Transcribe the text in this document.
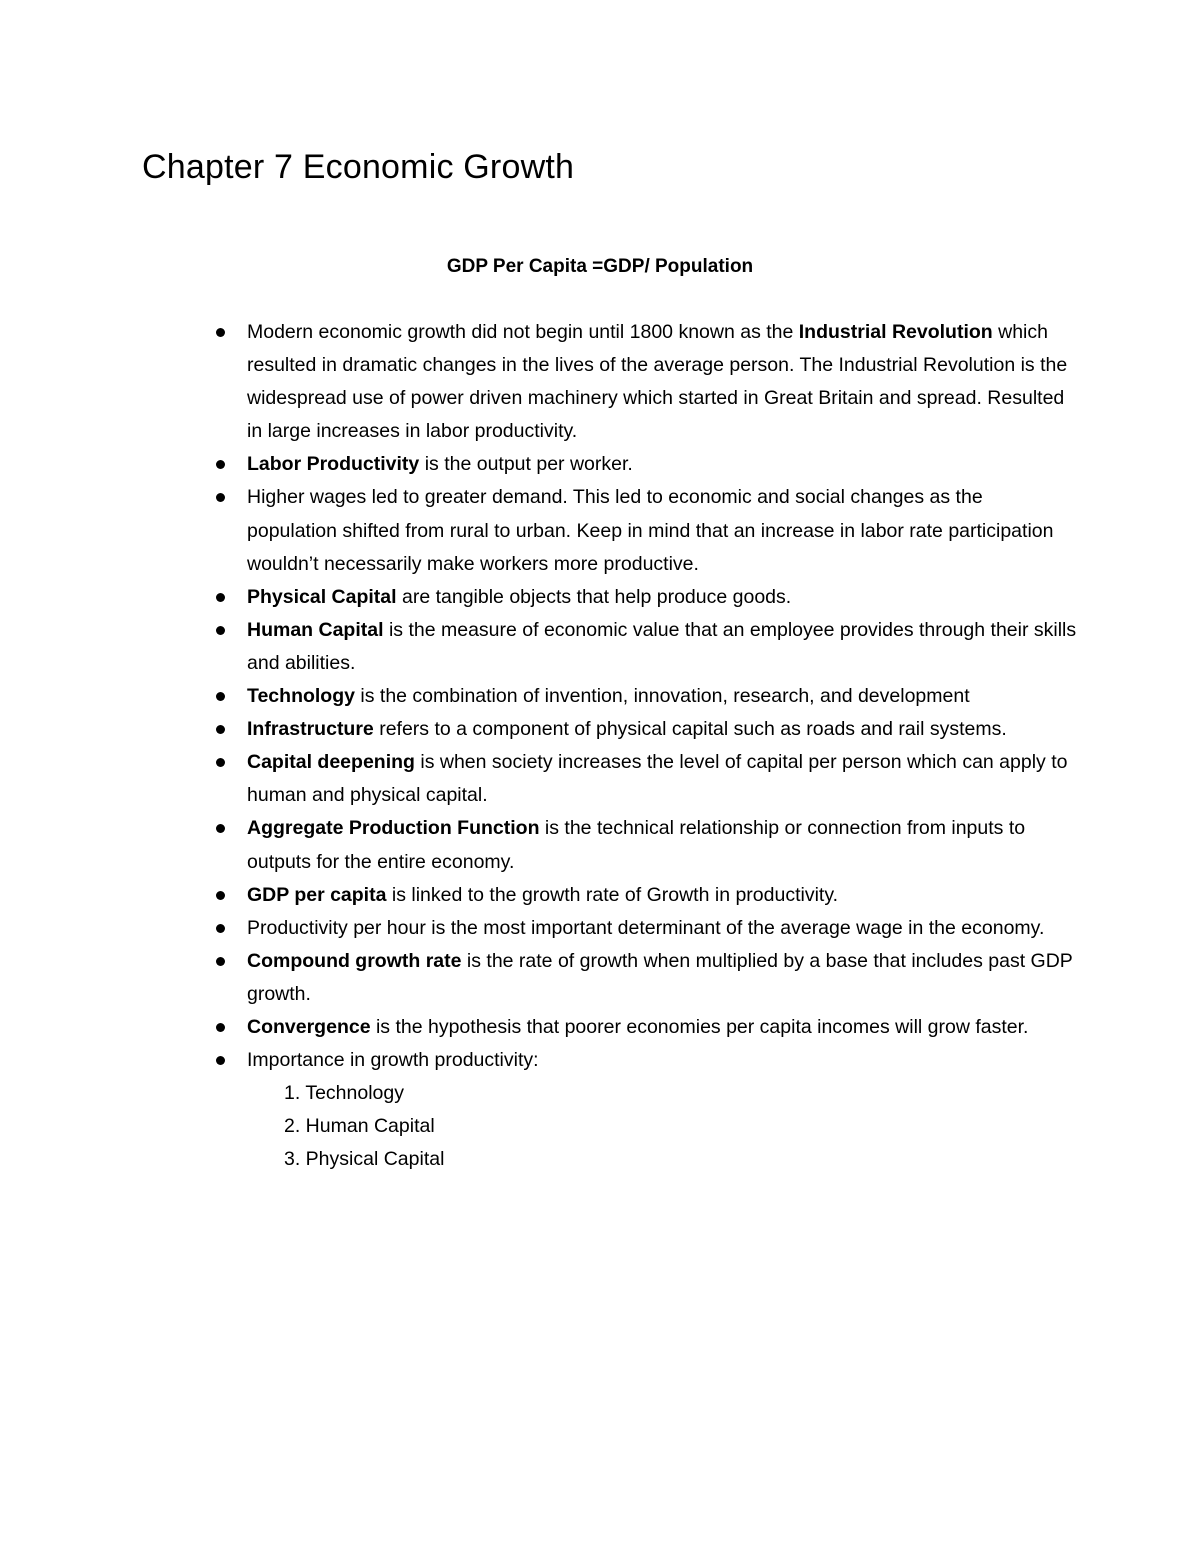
Chapter 7 Economic Growth
GDP Per Capita =GDP/ Population
Modern economic growth did not begin until 1800 known as the Industrial Revolution which resulted in dramatic changes in the lives of the average person. The Industrial Revolution is the widespread use of power driven machinery which started in Great Britain and spread. Resulted in large increases in labor productivity.
Labor Productivity is the output per worker.
Higher wages led to greater demand. This led to economic and social changes as the population shifted from rural to urban. Keep in mind that an increase in labor rate participation wouldn’t necessarily make workers more productive.
Physical Capital are tangible objects that help produce goods.
Human Capital is the measure of economic value that an employee provides through their skills and abilities.
Technology is the combination of invention, innovation, research, and development
Infrastructure refers to a component of physical capital such as roads and rail systems.
Capital deepening is when society increases the level of capital per person which can apply to human and physical capital.
Aggregate Production Function is the technical relationship or connection from inputs to outputs for the entire economy.
GDP per capita is linked to the growth rate of Growth in productivity.
Productivity per hour is the most important determinant of the average wage in the economy.
Compound growth rate is the rate of growth when multiplied by a base that includes past GDP growth.
Convergence is the hypothesis that poorer economies per capita incomes will grow faster.
Importance in growth productivity:
1. Technology
2. Human Capital
3. Physical Capital
